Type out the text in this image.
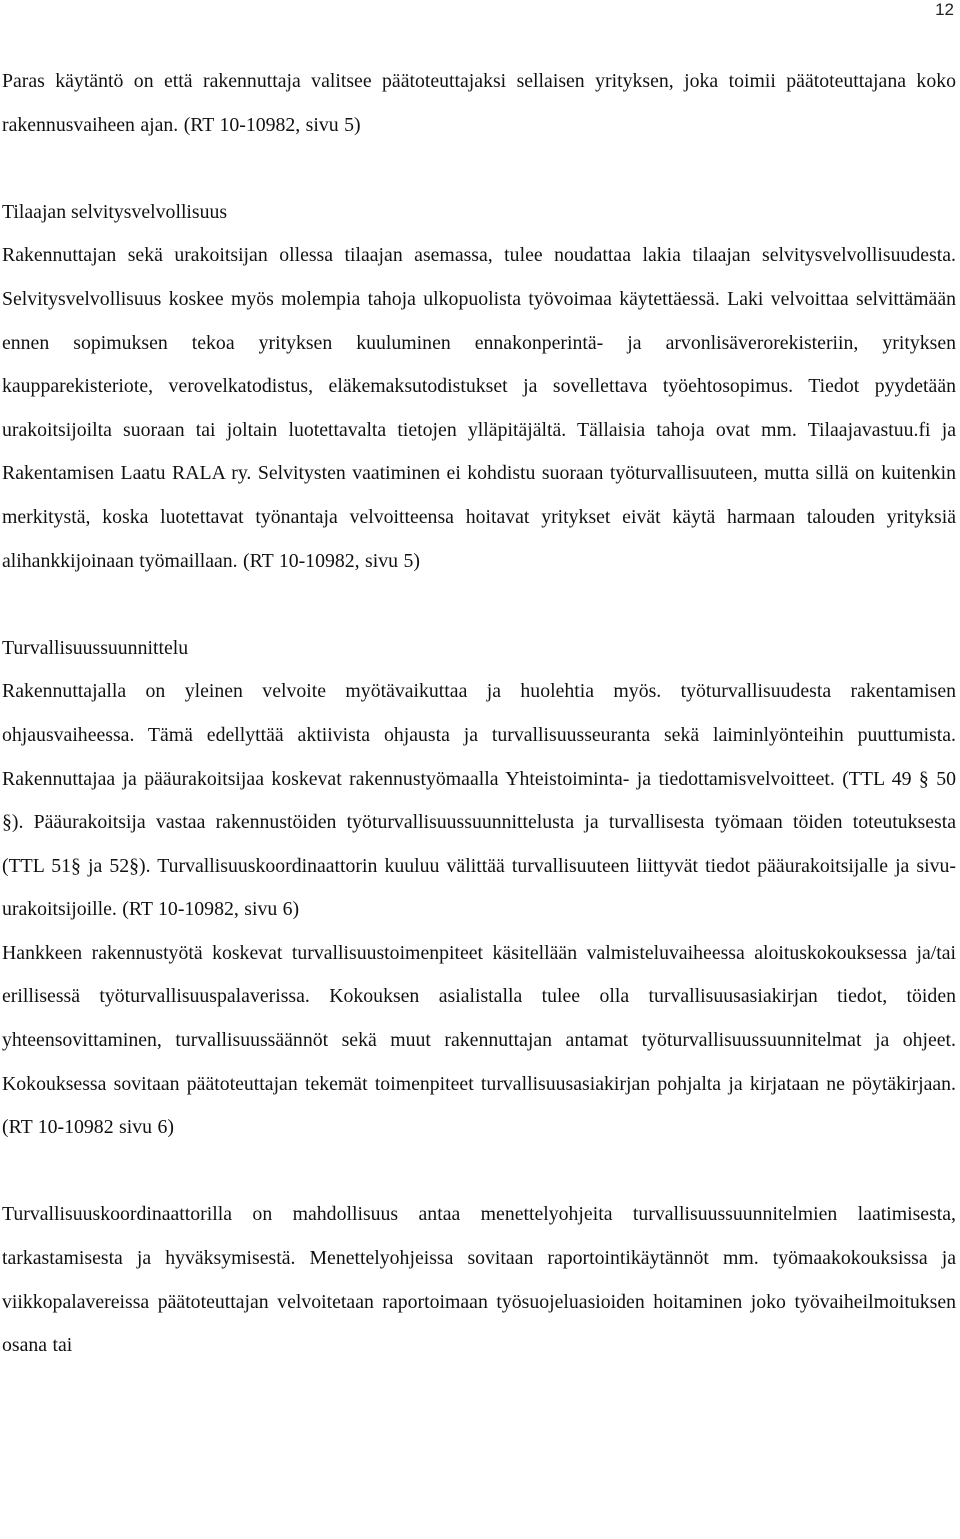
12

Paras käytäntö on että rakennuttaja valitsee päätoteuttajaksi sellaisen yrityksen, joka toimii päätoteuttajana koko rakennusvaiheen ajan. (RT 10-10982, sivu 5)

Tilaajan selvitysvelvollisuus

Rakennuttajan sekä urakoitsijan ollessa tilaajan asemassa, tulee noudattaa lakia tilaajan selvitysvelvollisuudesta. Selvitysvelvollisuus koskee myös molempia tahoja ulkopuolista työvoimaa käytettäessä. Laki velvoittaa selvittämään ennen sopimuksen tekoa yrityksen kuuluminen ennakonperintä- ja arvonlisäverorekisteriin, yrityksen kaupparekisteriote, verovelkatodistus, eläkemaksutodistukset ja sovellettava työehtosopimus. Tiedot pyydetään urakoitsijoilta suoraan tai joltain luotettavalta tietojen ylläpitäjältä. Tällaisia tahoja ovat mm. Tilaajavastuu.fi ja Rakentamisen Laatu RALA ry. Selvitysten vaatiminen ei kohdistu suoraan työturvallisuuteen, mutta sillä on kuitenkin merkitystä, koska luotettavat työnantaja velvoitteensa hoitavat yritykset eivät käytä harmaan talouden yrityksiä alihankkijoinaan työmaillaan. (RT 10-10982, sivu 5)

Turvallisuussuunnittelu

Rakennuttajalla on yleinen velvoite myötävaikuttaa ja huolehtia myös. työturvallisuudesta rakentamisen ohjausvaiheessa. Tämä edellyttää aktiivista ohjausta ja turvallisuusseuranta sekä laiminlyönteihin puuttumista. Rakennuttajaa ja pääurakoitsijaa koskevat rakennustyömaalla Yhteistoiminta- ja tiedottamisvelvoitteet. (TTL 49 § 50 §). Pääurakoitsija vastaa rakennustöiden työturvallisuussuunnittelusta ja turvallisesta työmaan töiden toteutuksesta (TTL 51§ ja 52§). Turvallisuuskoordinaattorin kuuluu välittää turvallisuuteen liittyvät tiedot pääurakoitsijalle ja sivu-urakoitsijoille. (RT 10-10982, sivu 6)

Hankkeen rakennustyötä koskevat turvallisuustoimenpiteet käsitellään valmisteluvaiheessa aloituskokouksessa ja/tai erillisessä työturvallisuuspalaverissa. Kokouksen asialistalla tulee olla turvallisuusasiakirjan tiedot, töiden yhteensovittaminen, turvallisuussäännöt sekä muut rakennuttajan antamat työturvallisuussuunnitelmat ja ohjeet. Kokouksessa sovitaan päätoteuttajan tekemät toimenpiteet turvallisuusasiakirjan pohjalta ja kirjataan ne pöytäkirjaan. (RT 10-10982 sivu 6)

Turvallisuuskoordinaattorilla on mahdollisuus antaa menettelyohjeita turvallisuussuunnitelmien laatimisesta, tarkastamisesta ja hyväksymisestä. Menettelyohjeissa sovitaan raportointikäytännöt mm. työmaakokouksissa ja viikkopalavereissa päätoteuttajan velvoitetaan raportoimaan työsuojeluasioiden hoitaminen joko työvaiheilmoituksen osana tai
